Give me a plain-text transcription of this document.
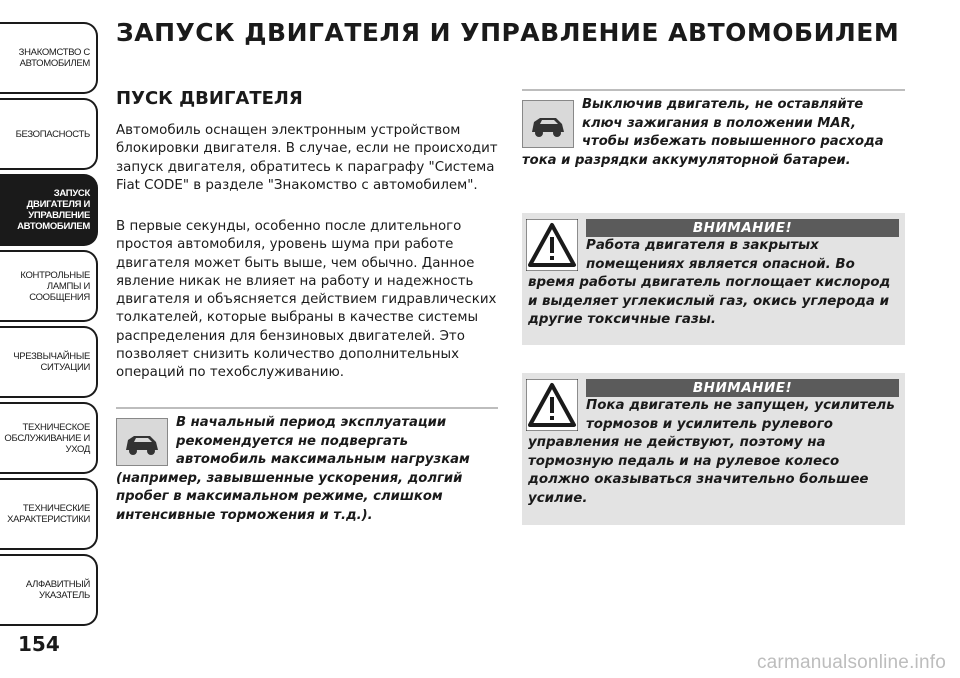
ЗНАКОМСТВО С
АВТОМОБИЛЕМ
БЕЗОПАСНОСТЬ
ЗАПУСК
ДВИГАТЕЛЯ И
УПРАВЛЕНИЕ
АВТОМОБИЛЕМ
КОНТРОЛЬНЫЕ
ЛАМПЫ И
СООБЩЕНИЯ
ЧРЕЗВЫЧАЙНЫЕ
СИТУАЦИИ
ТЕХНИЧЕСКОЕ
ОБСЛУЖИВАНИЕ И
УХОД
ТЕХНИЧЕСКИЕ
ХАРАКТЕРИСТИКИ
АЛФАВИТНЫЙ
УКАЗАТЕЛЬ
154
ЗАПУСК ДВИГАТЕЛЯ И УПРАВЛЕНИЕ АВТОМОБИЛЕМ
ПУСК ДВИГАТЕЛЯ

Автомобиль оснащен электронным устройством блокировки двигателя. В случае, если не происходит запуск двигателя, обратитесь к параграфу "Система Fiat CODE" в разделе "Знакомство с автомобилем".

В первые секунды, особенно после длительного простоя автомобиля, уровень шума при работе двигателя может быть выше, чем обычно. Данное явление никак не влияет на работу и надежность двигателя и объясняется действием гидравлических толкателей, которые выбраны в качестве системы распределения для бензиновых двигателей. Это позволяет снизить количество дополнительных операций по техобслуживанию.

В начальный период эксплуатации рекомендуется не подвергать автомобиль максимальным нагрузкам (например, завывшенные ускорения, долгий пробег в максимальном режиме, слишком интенсивные торможения и т.д.).

Выключив двигатель, не оставляйте ключ зажигания в положении MAR, чтобы избежать повышенного расхода тока и разрядки аккумуляторной батареи.

ВНИМАНИЕ!

Работа двигателя в закрытых помещениях является опасной. Во время работы двигатель поглощает кислород и выделяет углекислый газ, окись углерода и другие токсичные газы.

ВНИМАНИЕ!

Пока двигатель не запущен, усилитель тормозов и усилитель рулевого управления не действуют, поэтому на тормозную педаль и на рулевое колесо должно оказываться значительно большее усилие.

carmanualsonline.info
